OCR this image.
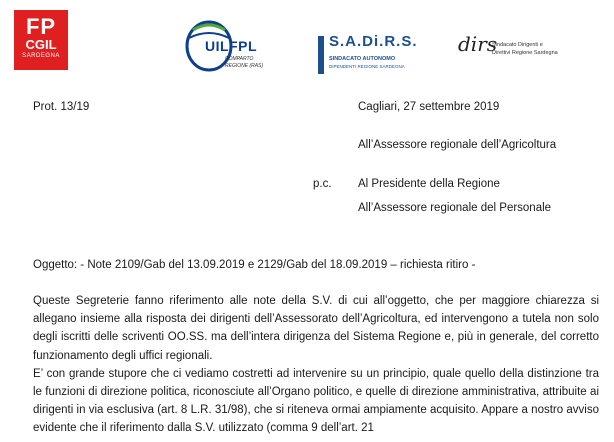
FP
CGIL
SARDEGNA
UILFPL
COMPARTO
REGIONE (RAS)
S.A.Di.R.S.
SINDACATO AUTONOMO
DIPENDENTI REGIONE SARDEGNA
dirs
Sindacato Dirigenti e
Direttivi Regione Sardegna
Prot. 13/19	Cagliari, 27 settembre 2019
All’Assessore regionale dell’Agricoltura
p.c. Al Presidente della Regione
All’Assessore regionale del Personale
Oggetto: - Note 2109/Gab del 13.09.2019 e 2129/Gab del 18.09.2019 – richiesta ritiro -

Queste Segreterie fanno riferimento alle note della S.V. di cui all’oggetto, che per maggiore chiarezza si allegano insieme alla risposta dei dirigenti dell’Assessorato dell’Agricoltura, ed intervengono a tutela non solo degli iscritti delle scriventi OO.SS. ma dell’intera dirigenza del Sistema Regione e, più in generale, del corretto funzionamento degli uffici regionali.

E’ con grande stupore che ci vediamo costretti ad intervenire su un principio, quale quello della distinzione tra le funzioni di direzione politica, riconosciute all’Organo politico, e quelle di direzione amministrativa, attribuite ai dirigenti in via esclusiva (art. 8 L.R. 31/98), che si riteneva ormai ampiamente acquisito. Appare a nostro avviso evidente che il riferimento dalla S.V. utilizzato (comma 9 dell’art. 21
